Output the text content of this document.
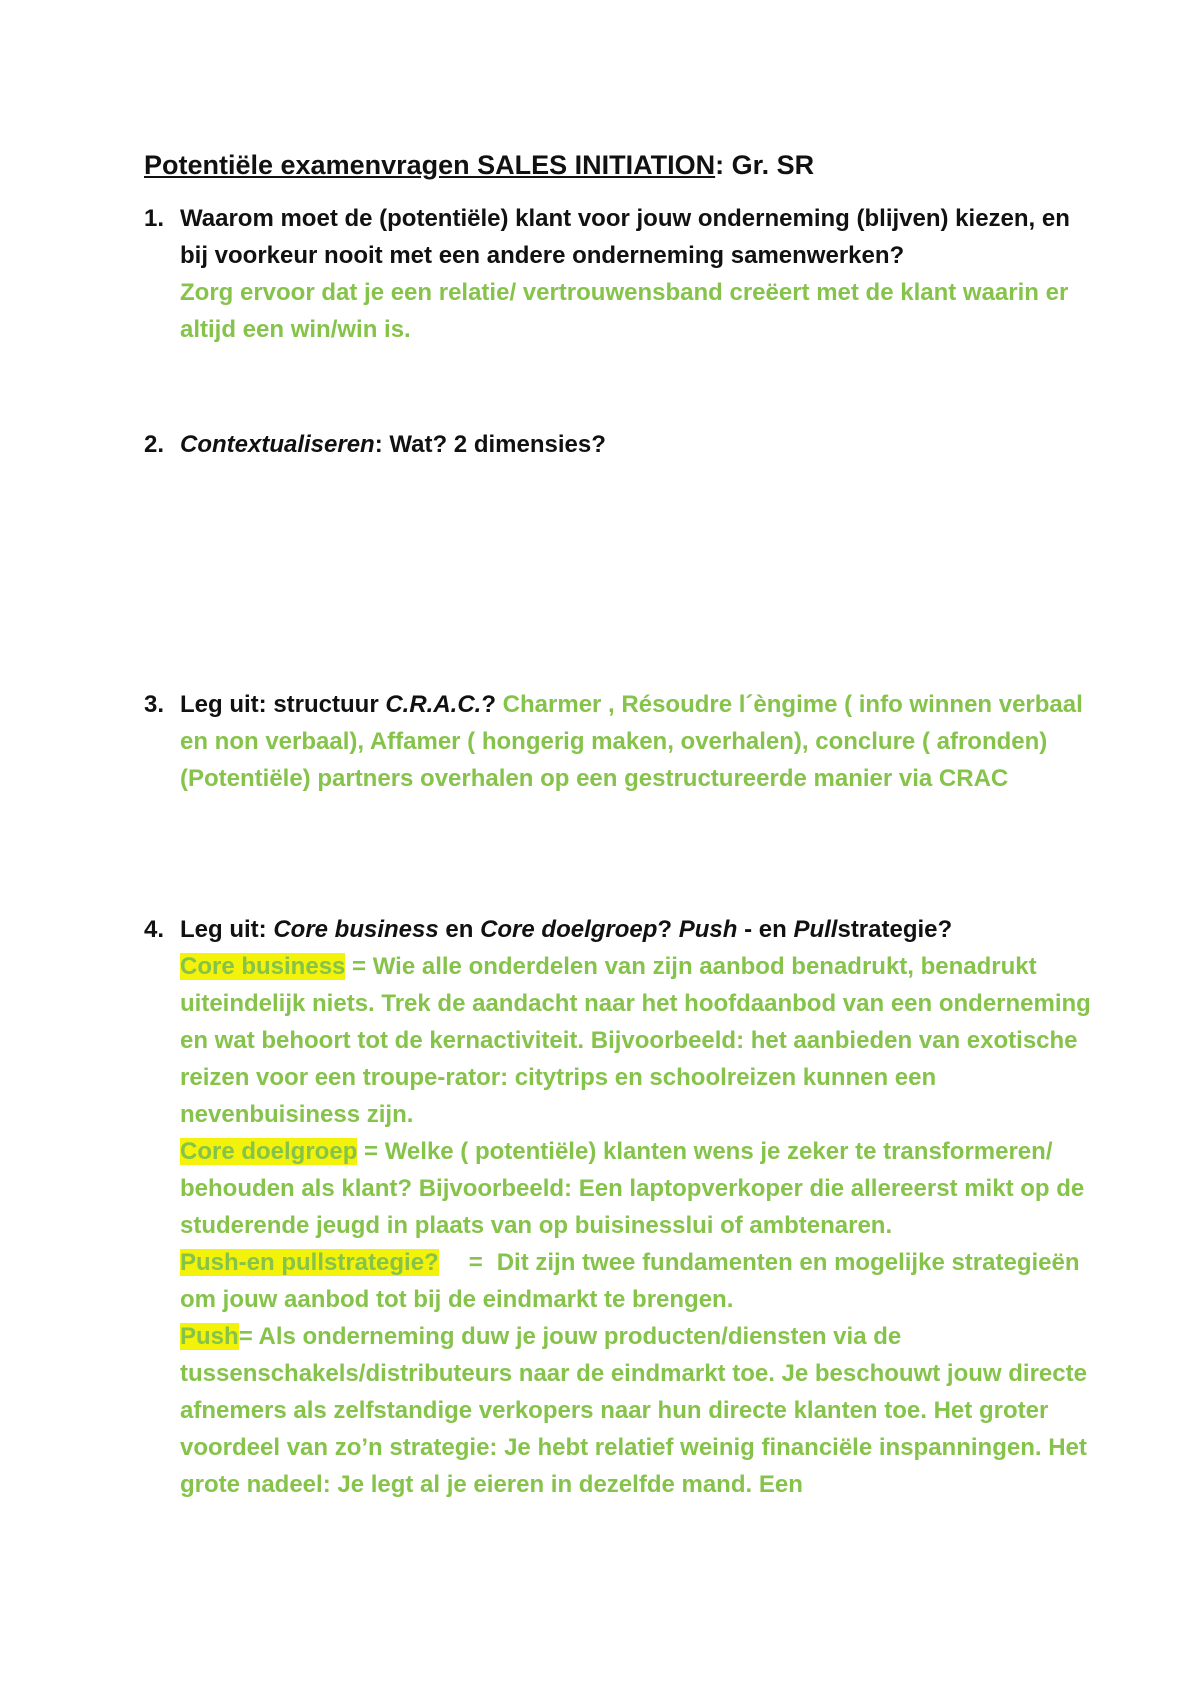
Potentiële examenvragen SALES INITIATION: Gr. SR
1. Waarom moet de (potentiële) klant voor jouw onderneming (blijven) kiezen, en bij voorkeur nooit met een andere onderneming samenwerken?
Zorg ervoor dat je een relatie/ vertrouwensband creëert met de klant waarin er altijd een win/win is.
2. Contextualiseren: Wat? 2 dimensies?
3. Leg uit: structuur C.R.A.C.? Charmer , Résoudre l´èngime ( info winnen verbaal en non verbaal), Affamer ( hongerig maken, overhalen), conclure ( afronden)(Potentiële) partners overhalen op een gestructureerde manier via CRAC
4. Leg uit: Core business en Core doelgroep? Push - en Pullstrategie?
Core business = Wie alle onderdelen van zijn aanbod benadrukt, benadrukt uiteindelijk niets. Trek de aandacht naar het hoofdaanbod van een onderneming en wat behoort tot de kernactiviteit. Bijvoorbeeld: het aanbieden van exotische reizen voor een troupe-rator: citytrips en schoolreizen kunnen een nevenbuisiness zijn.
Core doelgroep = Welke ( potentiële) klanten wens je zeker te transformeren/ behouden als klant? Bijvoorbeeld: Een laptopverkoper die allereerst mikt op de studerende jeugd in plaats van op buisinesslui of ambtenaren.
Push-en pullstrategie? = Dit zijn twee fundamenten en mogelijke strategieën om jouw aanbod tot bij de eindmarkt te brengen.
Push= Als onderneming duw je jouw producten/diensten via de tussenschakels/distributeurs naar de eindmarkt toe. Je beschouwt jouw directe afnemers als zelfstandige verkopers naar hun directe klanten toe. Het groter voordeel van zo’n strategie: Je hebt relatief weinig financiële inspanningen. Het grote nadeel: Je legt al je eieren in dezelfde mand. Een
